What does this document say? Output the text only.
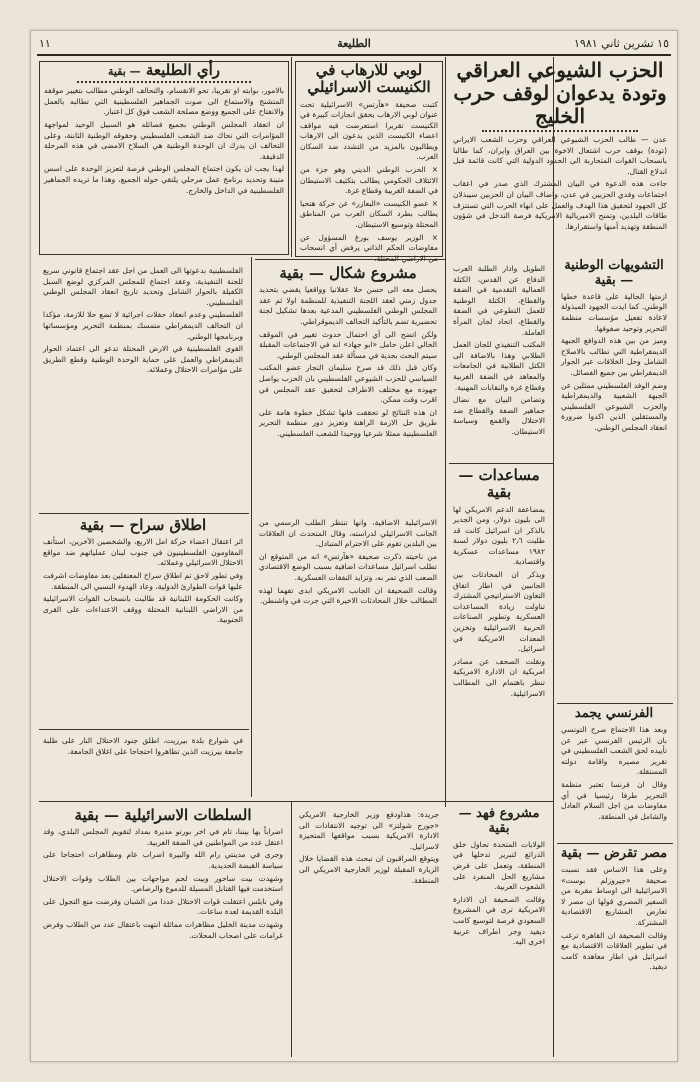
١٥ تشرين ثاني ١٩٨١
الطليعة
١١
الحزب الشيوعي العراقي وتودة يدعوان لوقف حرب الخليج

عدن — طالب الحزب الشيوعي العراقي وحزب الشعب الايراني (تودة) بوقف حرب اشتعال الاخوة بين العراق وايران، كما طالبا بانسحاب القوات المتحاربة الى الحدود الدولية التي كانت قائمة قبل اندلاع القتال.

جاءت هذه الدعوة في البيان المشترك الذي صدر في اعقاب اجتماعات وفدي الحزبين في عدن، واضاف البيان ان الحزبين سيبذلان كل الجهود لتحقيق هذا الهدف والعمل على انهاء الحرب التي تستنزف طاقات البلدين، وتمنح الامبريالية الامريكية فرصة التدخل في شؤون المنطقة وتهديد أمنها واستقرارها.

لوبي للارهاب في الكنيست الاسرائيلي

كتبت صحيفة «هآرتس» الاسرائيلية تحت عنوان لوبي الارهاب يحقق انجازات كبيرة في الكنيست تقريرا استعرضت فيه مواقف اعضاء الكنيست الذين يدعون الى الارهاب ويطالبون بالمزيد من التشدد ضد السكان العرب.

× الحزب الوطني الديني وهو جزء من الائتلاف الحكومي يطالب بتكثيف الاستيطان في الضفة الغربية وقطاع غزة.

× عضو الكنيست «البعازر» عن حركة هتحيا يطالب بطرد السكان العرب من المناطق المحتلة وتوسيع الاستيطان.

× الوزير يوسف بورغ المسؤول عن مفاوضات الحكم الذاتي يرفض أي انسحاب

رأي الطليعة — بقية

بالامور، بوابته او تقريبا، تحو الانقسام، والتحالف الوطني مطالب بتغيير موقفه المتشنج والاستماع الى صوت الجماهير الفلسطينية التي تطالبه بالعمل والانفتاح على الجميع ووضع مصلحة الشعب فوق كل اعتبار.

ان انعقاد المجلس الوطني بجميع فصائله هو السبيل الوحيد لمواجهة المؤامرات التي تحاك ضد الشعب الفلسطيني وحقوقه الوطنية الثابتة، وعلى التحالف ان يدرك ان الوحدة الوطنية هي السلاح الامضى في هذه المرحلة الدقيقة.

لهذا يجب ان يكون اجتماع المجلس الوطني فرصة لتعزيز الوحدة على اسس متينة وتحديد برنامج عمل مرحلي يلتقي حوله الجميع، وهذا ما تريده الجماهير الفلسطينية في الداخل والخارج.

التشويهات الوطنية — بقية

ازمتها الحالية على قاعدة خطها الوطني. كما ايدت الجهود المبذولة لاعادة تفعيل مؤسسات منظمة التحرير وتوحيد صفوفها.

وميز من بين هذه الدوافع الجبهة الديمقراطية التي تطالب بالاصلاح الشامل وحل الخلافات عبر الحوار الديمقراطي بين جميع الفصائل.

وضم الوفد الفلسطيني ممثلين عن الجبهة الشعبية والديمقراطية والحزب الشيوعي الفلسطيني والمستقلين الذين اكدوا ضرورة انعقاد المجلس الوطني.

الطويل وادار الطلبة العرب الدفاع عن القدس، الكتلة العمالية التقدمية في الضفة والقطاع، الكتلة الوطنية للعمل التطوعي في الضفة والقطاع، اتحاد لجان المرأة العاملة.

المكتب التنفيذي للجان العمل الطلابي وهذا بالاضافة الى الكتل الطلابية في الجامعات والمعاهد في الضفة الغربية وقطاع غزة والنقابات المهنية.

وتضامن البيان مع نضال جماهير الضفة والقطاع ضد الاحتلال والقمع وسياسة الاستيطان.

مشروع شكال — بقية

يحصل معه الى حسن حلا عقلانيا وواقعيا يقضي بتحديد جدول زمني لعقد اللجنة التنفيذية للمنظمة اولا ثم عقد المجلس الوطني الفلسطيني المدعية بعدها تشكيل لجنة تحضيرية تضم بالتأكيد التحالف الديموقراطي.

ولكن اتضح الى أي احتمال حدوث تغيير في الموقف الحالي اعلن حامل «ابو جهاد» انه في الاجتماعات المقبلة سيتم البحث بجدية في مسألة عقد المجلس الوطني.

وكان قبل ذلك قد صرح سليمان النجار عضو المكتب السياسي للحزب الشيوعي الفلسطيني بان الحزب يواصل جهوده مع مختلف الاطراف لتحقيق عقد المجلس في اقرب وقت ممكن.

ان هذه النتائج لو تحققت فانها تشكل خطوة هامة على طريق حل الازمة الراهنة وتعزيز دور منظمة التحرير الفلسطينية ممثلا شرعيا ووحيدا للشعب الفلسطيني.

الفلسطينية بدعوتها الى العمل من اجل عقد اجتماع قانوني سريع للجنة التنفيذية، وعقد اجتماع للمجلس المركزي لوضع السبل الكفيلة بالحوار الشامل وتحديد تاريخ انعقاد المجلس الوطني الفلسطيني.

الفلسطيني وعدم انعقاد حفلات اجرائية لا تضع حلا للازمة، مؤكدا ان التحالف الديمقراطي متمسك بمنظمة التحرير ومؤسساتها وبرنامجها الوطني.

القوى الفلسطينية في الارض المحتلة تدعو الى اعتماد الحوار الديمقراطي والعمل على حماية الوحدة الوطنية وقطع الطريق على مؤامرات الاحتلال وعملائه.

اطلاق سراح — بقية

اثر اعتقال اعضاء حركة امل الاربع، والشخصين الآخرين، استأنف المقاومون الفلسطينيون في جنوب لبنان عملياتهم ضد مواقع الاحتلال الاسرائيلي وعملائه.

وفي تطور لاحق تم اطلاق سراح المعتقلين بعد مفاوضات اشرفت عليها قوات الطوارئ الدولية، وعاد الهدوء النسبي الى المنطقة.

وكانت الحكومة اللبنانية قد طالبت بانسحاب القوات الاسرائيلية من الاراضي اللبنانية المحتلة ووقف الاعتداءات على القرى الجنوبية.

مساعدات — بقية

بمضاعفة الدعم الامريكي لها الى بليون دولار، ومن الجدير بالذكر ان اسرائيل كانت قد طلبت ٢٫٦ بليون دولار لسنة ١٩٨٢ مساعدات عسكرية واقتصادية.

ويذكر ان المحادثات بين الجانبين في اطار اتفاق التعاون الاستراتيجي المشترك تناولت زيادة المساعدات العسكرية وتطوير الصناعات الحربية الاسرائيلية وتخزين المعدات الامريكية في اسرائيل.

ونقلت الصحف عن مصادر امريكية ان الادارة الامريكية تنظر باهتمام الى المطالب الاسرائيلية.

الاسرائيلية الاضافية، وانها تنتظر الطلب الرسمي من الجانب الاسرائيلي لدراسته، وقال المتحدث ان العلاقات بين البلدين تقوم على الاحترام المتبادل.

من ناحيته ذكرت صحيفة «هآرتس» انه من المتوقع ان تطلب اسرائيل مساعدات اضافية بسبب الوضع الاقتصادي الصعب الذي تمر به، وتزايد النفقات العسكرية.

وقالت الصحيفة ان الجانب الامريكي ابدى تفهما لهذه المطالب خلال المحادثات الاخيرة التي جرت في واشنطن.

الفرنسي يجمد

وبعد هذا الاجتماع صرح التونسي بان الرئيس الفرنسي عبر عن تأييده لحق الشعب الفلسطيني في تقرير مصيره واقامة دولته المستقلة.

وقال ان فرنسا تعتبر منظمة التحرير طرفا رئيسيا في أي مفاوضات من اجل السلام العادل والشامل في المنطقة.

في شوارع بلدة بيرزيت، اطلق جنود الاحتلال النار على طلبة جامعة بيرزيت الذين تظاهروا احتجاجا على اغلاق الجامعة.

السلطات الاسرائيلية — بقية

اضراباً بها بيننا، تام في اخر بورتو مديرة بمداد لتقويم المجلس البلدي، وقد اعتقل عدد من المواطنين في الضفة الغربية.

وجرى في مدينتي رام الله والبيرة اضراب عام ومظاهرات احتجاجا على سياسة القبضة الحديدية.

وشهدت بيت ساحور وبيت لحم مواجهات بين الطلاب وقوات الاحتلال استخدمت فيها القنابل المسيلة للدموع والرصاص.

وفي نابلس اعتقلت قوات الاحتلال عددا من الشبان وفرضت منع التجول على البلدة القديمة لعدة ساعات.

وشهدت مدينة الخليل مظاهرات مماثلة انتهت باعتقال عدد من الطلاب وفرض غرامات على اصحاب المحلات.

مشروع فهد — بقية

الولايات المتحدة تحاول خلق الذرائع لتبرير تدخلها في المنطقة، وتعمل على فرض مشاريع الحل المنفرد على الشعوب العربية.

وقالت الصحيفة ان الادارة الامريكية ترى في المشروع السعودي فرصة لتوسيع كامب ديفيد وجر اطراف عربية اخرى اليه.

جريدة: هذاودفع وزير الخارجية الامريكي «جورج شولتز» الى توجيه الانتقادات الى الادارة الامريكية بسبب مواقفها المتحيزة لاسرائيل.

ويتوقع المراقبون ان تبحث هذه القضايا خلال الزيارة المقبلة لوزير الخارجية الامريكي الى المنطقة.

مصر تقرض — بقية

وعلى هذا الاساس فقد نسبت صحيفة «جيروزلم بوست» الاسرائيلية الى اوساط مقربة من السفير المصري قولها ان مصر لا تعارض المشاريع الاقتصادية المشتركة.

وقالت الصحيفة ان القاهرة ترغب في تطوير العلاقات الاقتصادية مع اسرائيل في اطار معاهدة كامب ديفيد.
